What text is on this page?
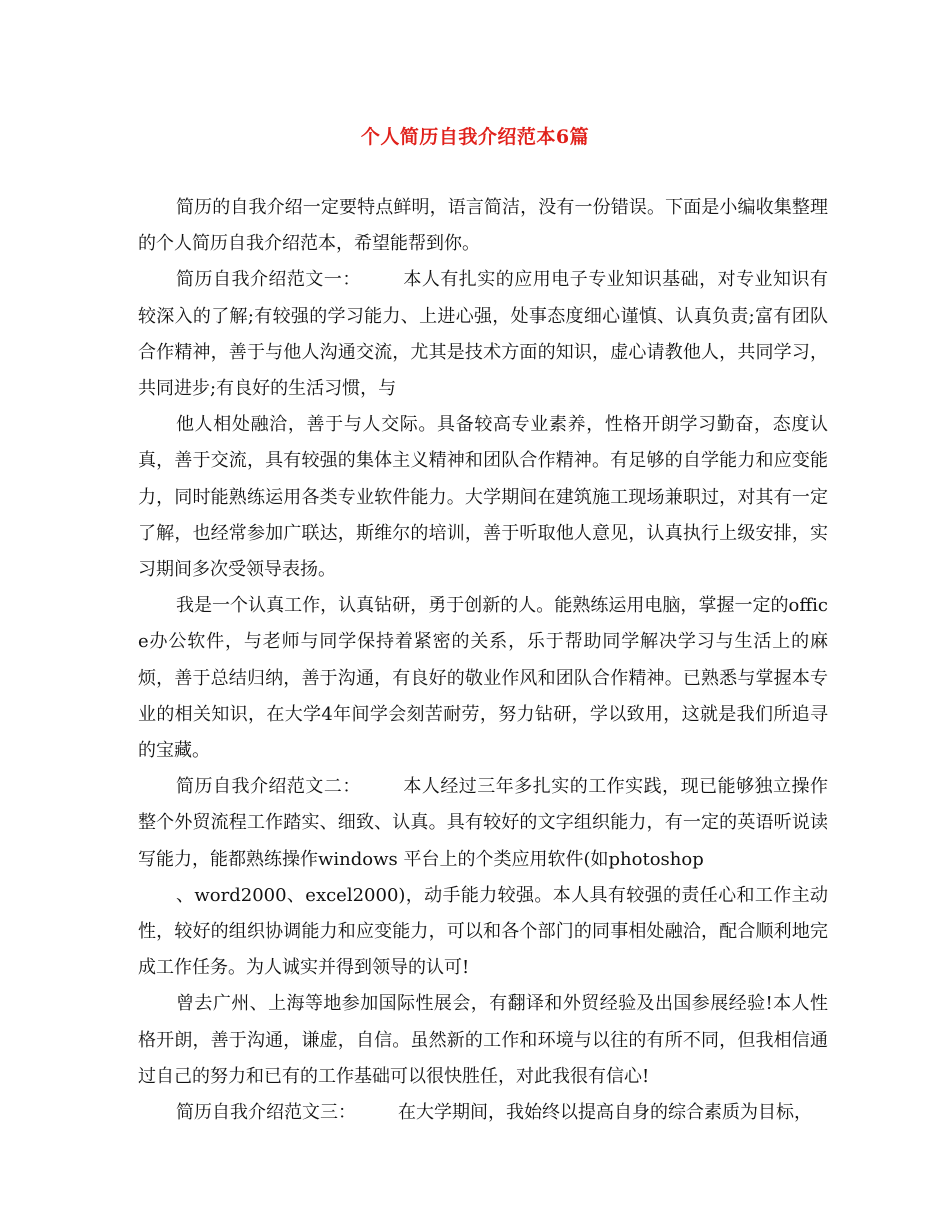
个人简历自我介绍范本6篇

简历的自我介绍一定要特点鲜明，语言简洁，没有一份错误。下面是小编收集整理的个人简历自我介绍范本，希望能帮到你。

简历自我介绍范文一： 本人有扎实的应用电子专业知识基础，对专业知识有较深入的了解;有较强的学习能力、上进心强，处事态度细心谨慎、认真负责;富有团队合作精神，善于与他人沟通交流，尤其是技术方面的知识，虚心请教他人，共同学习，共同进步;有良好的生活习惯，与

他人相处融洽，善于与人交际。具备较高专业素养，性格开朗学习勤奋，态度认真，善于交流，具有较强的集体主义精神和团队合作精神。有足够的自学能力和应变能力，同时能熟练运用各类专业软件能力。大学期间在建筑施工现场兼职过，对其有一定了解，也经常参加广联达，斯维尔的培训，善于听取他人意见，认真执行上级安排，实习期间多次受领导表扬。

我是一个认真工作，认真钻研，勇于创新的人。能熟练运用电脑，掌握一定的office办公软件，与老师与同学保持着紧密的关系，乐于帮助同学解决学习与生活上的麻烦，善于总结归纳，善于沟通，有良好的敬业作风和团队合作精神。已熟悉与掌握本专业的相关知识，在大学4年间学会刻苦耐劳，努力钻研，学以致用，这就是我们所追寻的宝藏。

简历自我介绍范文二： 本人经过三年多扎实的工作实践，现已能够独立操作整个外贸流程工作踏实、细致、认真。具有较好的文字组织能力，有一定的英语听说读写能力，能都熟练操作windows 平台上的个类应用软件(如photoshop

、word2000、excel2000)，动手能力较强。本人具有较强的责任心和工作主动性，较好的组织协调能力和应变能力，可以和各个部门的同事相处融洽，配合顺利地完成工作任务。为人诚实并得到领导的认可!

曾去广州、上海等地参加国际性展会，有翻译和外贸经验及出国参展经验!本人性格开朗，善于沟通，谦虚，自信。虽然新的工作和环境与以往的有所不同，但我相信通过自己的努力和已有的工作基础可以很快胜任，对此我很有信心!

简历自我介绍范文三： 在大学期间，我始终以提高自身的综合素质为目标，
